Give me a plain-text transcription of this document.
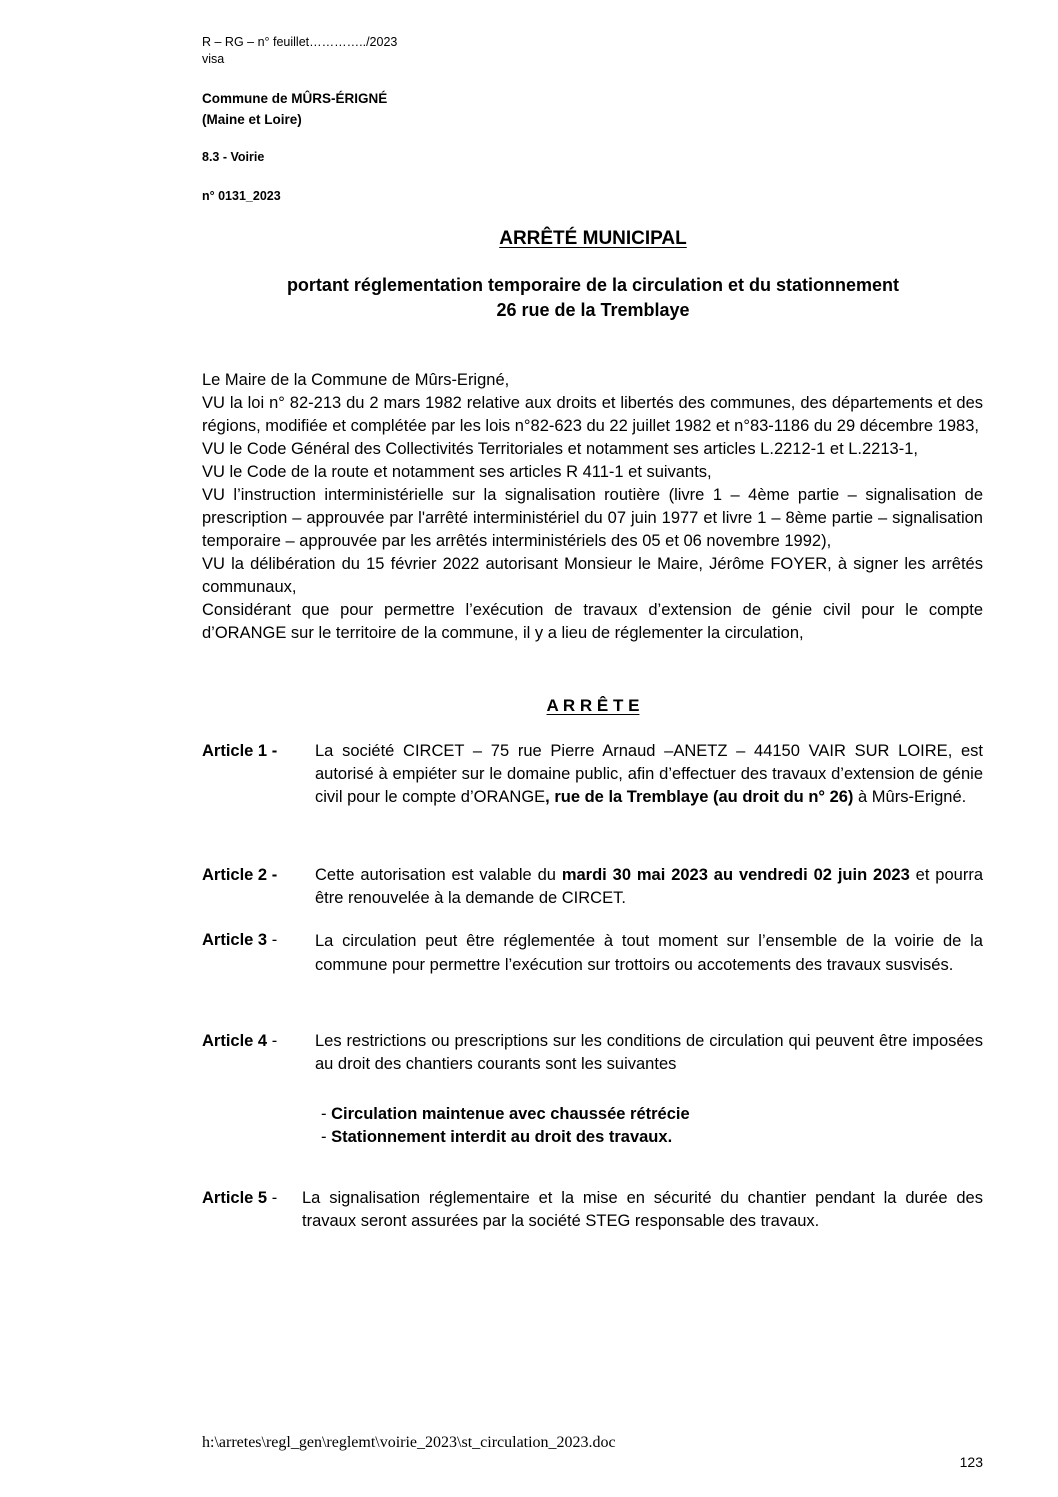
R – RG – n° feuillet…………../2023
visa
Commune de MÛRS-ÉRIGNÉ
(Maine et Loire)
8.3 - Voirie
n° 0131_2023
ARRÊTÉ MUNICIPAL
portant réglementation temporaire de la circulation et du stationnement
26 rue de la Tremblaye

Le Maire de la Commune de Mûrs-Erigné,

VU la loi n° 82-213 du 2 mars 1982 relative aux droits et libertés des communes, des départements et des régions, modifiée et complétée par les lois n°82-623 du 22 juillet 1982 et n°83-1186 du 29 décembre 1983,

VU le Code Général des Collectivités Territoriales et notamment ses articles L.2212-1 et L.2213-1,

VU le Code de la route et notamment ses articles R 411-1 et suivants,

VU l’instruction interministérielle sur la signalisation routière (livre 1 – 4ème partie – signalisation de prescription – approuvée par l'arrêté interministériel du 07 juin 1977 et livre 1 – 8ème partie – signalisation temporaire – approuvée par les arrêtés interministériels des 05 et 06 novembre 1992),

VU la délibération du 15 février 2022 autorisant Monsieur le Maire, Jérôme FOYER, à signer les arrêtés communaux,

Considérant que pour permettre l’exécution de travaux d’extension de génie civil pour le compte d’ORANGE sur le territoire de la commune, il y a lieu de réglementer la circulation,

A R R Ê T E
Article 1 - La société CIRCET – 75 rue Pierre Arnaud –ANETZ – 44150 VAIR SUR LOIRE, est autorisé à empiéter sur le domaine public, afin d’effectuer des travaux d’extension de génie civil pour le compte d’ORANGE, rue de la Tremblaye (au droit du n° 26) à Mûrs-Erigné.
Article 2 - Cette autorisation est valable du mardi 30 mai 2023 au vendredi 02 juin 2023 et pourra être renouvelée à la demande de CIRCET.
Article 3 - La circulation peut être réglementée à tout moment sur l’ensemble de la voirie de la commune pour permettre l’exécution sur trottoirs ou accotements des travaux susvisés.
Article 4 - Les restrictions ou prescriptions sur les conditions de circulation qui peuvent être imposées au droit des chantiers courants sont les suivantes
- Circulation maintenue avec chaussée rétrécie
- Stationnement interdit au droit des travaux.
Article 5 - La signalisation réglementaire et la mise en sécurité du chantier pendant la durée des travaux seront assurées par la société STEG responsable des travaux.
h:\arretes\regl_gen\reglemt\voirie_2023\st_circulation_2023.doc
123
